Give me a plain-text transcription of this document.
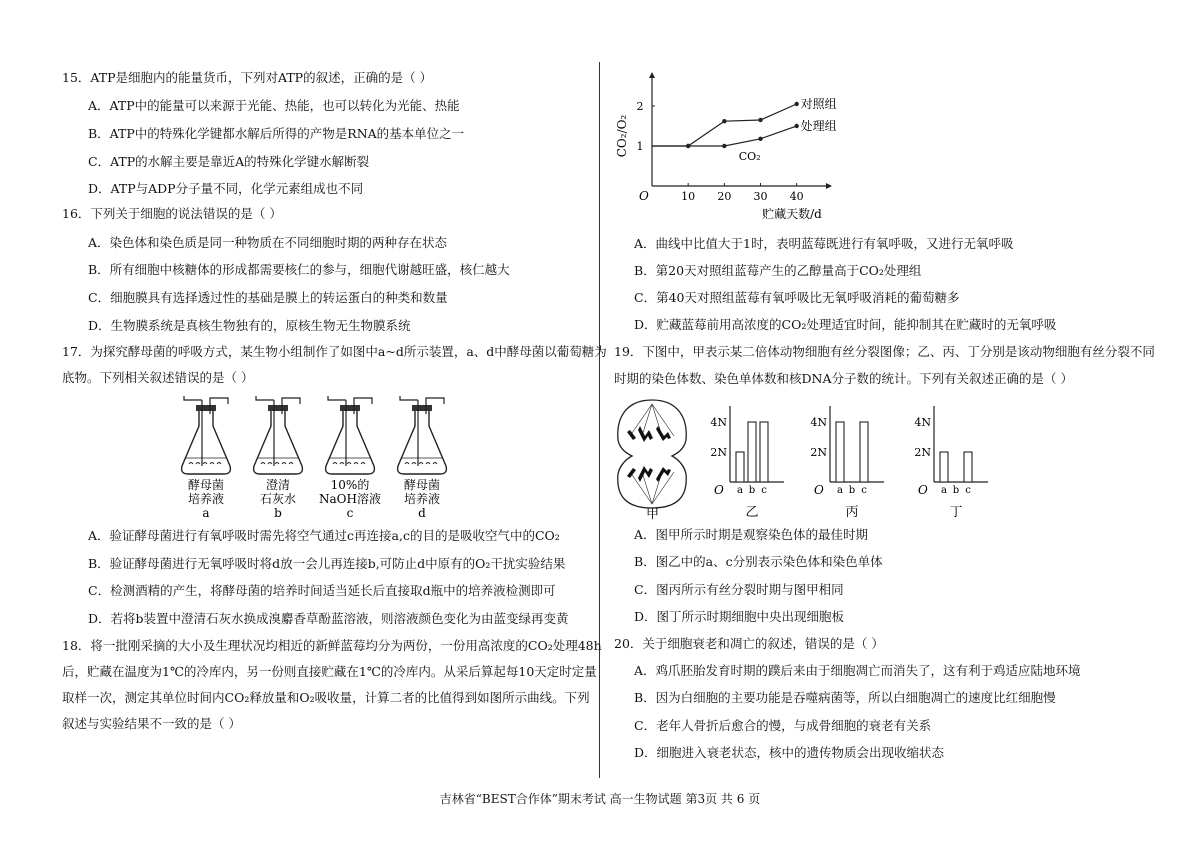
15．ATP是细胞内的能量货币，下列对ATP的叙述，正确的是（ ）
A．ATP中的能量可以来源于光能、热能，也可以转化为光能、热能
B．ATP中的特殊化学键都水解后所得的产物是RNA的基本单位之一
C．ATP的水解主要是靠近A的特殊化学键水解断裂
D．ATP与ADP分子量不同，化学元素组成也不同
16．下列关于细胞的说法错误的是（ ）
A．染色体和染色质是同一种物质在不同细胞时期的两种存在状态
B．所有细胞中核糖体的形成都需要核仁的参与，细胞代谢越旺盛，核仁越大
C．细胞膜具有选择透过性的基础是膜上的转运蛋白的种类和数量
D．生物膜系统是真核生物独有的，原核生物无生物膜系统
17．为探究酵母菌的呼吸方式，某生物小组制作了如图中a~d所示装置，a、d中酵母菌以葡萄糖为
底物。下列相关叙述错误的是（ ）
酵母菌
培养液
a
澄清
石灰水
b
10%的
NaOH溶液
c
酵母菌
培养液
d
A．验证酵母菌进行有氧呼吸时需先将空气通过c再连接a,c的目的是吸收空气中的CO₂
B．验证酵母菌进行无氧呼吸时将d放一会儿再连接b,可防止d中原有的O₂干扰实验结果
C．检测酒精的产生，将酵母菌的培养时间适当延长后直接取d瓶中的培养液检测即可
D．若将b装置中澄清石灰水换成溴麝香草酚蓝溶液，则溶液颜色变化为由蓝变绿再变黄
18．将一批刚采摘的大小及生理状况均相近的新鲜蓝莓均分为两份，一份用高浓度的CO₂处理48h
后，贮藏在温度为1℃的冷库内，另一份则直接贮藏在1℃的冷库内。从采后算起每10天定时定量
取样一次，测定其单位时间内CO₂释放量和O₂吸收量，计算二者的比值得到如图所示曲线。下列
叙述与实验结果不一致的是（ ）
O	10 20 30 40
1
2
CO₂/O₂
贮藏天数/d
对照组
处理组
CO₂
A．曲线中比值大于1时，表明蓝莓既进行有氧呼吸，又进行无氧呼吸
B．第20天对照组蓝莓产生的乙醇量高于CO₂处理组
C．第40天对照组蓝莓有氧呼吸比无氧呼吸消耗的葡萄糖多
D．贮藏蓝莓前用高浓度的CO₂处理适宜时间，能抑制其在贮藏时的无氧呼吸
19．下图中，甲表示某二倍体动物细胞有丝分裂图像；乙、丙、丁分别是该动物细胞有丝分裂不同
时期的染色体数、染色单体数和核DNA分子数的统计。下列有关叙述正确的是（ ）
甲
O
2N
4N
a b c
乙
O
2N
4N
a b c
丙
O
2N
4N
a b c
丁
A．图甲所示时期是观察染色体的最佳时期
B．图乙中的a、c分别表示染色体和染色单体
C．图丙所示有丝分裂时期与图甲相同
D．图丁所示时期细胞中央出现细胞板
20．关于细胞衰老和凋亡的叙述，错误的是（ ）
A．鸡爪胚胎发育时期的蹼后来由于细胞凋亡而消失了，这有利于鸡适应陆地环境
B．因为白细胞的主要功能是吞噬病菌等，所以白细胞凋亡的速度比红细胞慢
C．老年人骨折后愈合的慢，与成骨细胞的衰老有关系
D．细胞进入衰老状态，核中的遗传物质会出现收缩状态
吉林省“BEST合作体”期末考试 高一生物试题 第3页 共 6 页
